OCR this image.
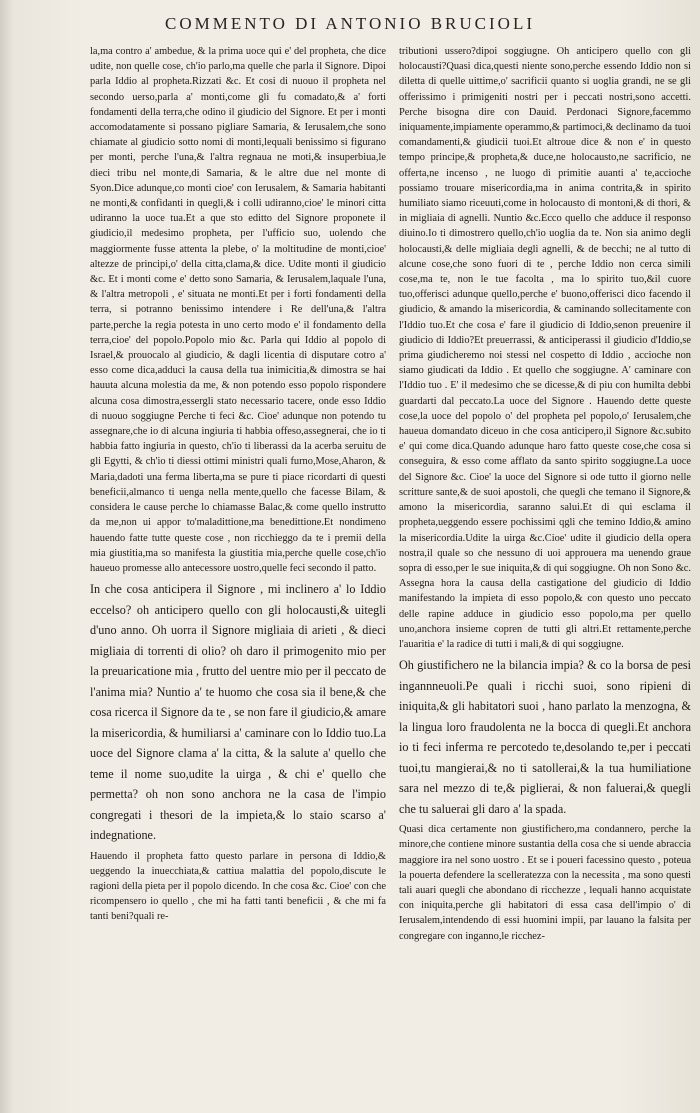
COMMENTO DI ANTONIO BRUCIOLI

la,ma contro a' ambedue, & la prima uoce qui e' del propheta, che dice udite, non quelle cose, ch'io parlo,ma quelle che parla il Signore. Dipoi parla Iddio al propheta.Rizzati &c. Et cosi di nuouo il propheta nel secondo uerso,parla a' monti,come gli fu comadato,& a' forti fondamenti della terra,che odino il giudicio del Signore. Et per i monti accomodatamente si possano pigliare Samaria, & Ierusalem,che sono chiamate al giudicio sotto nomi di monti,lequali benissimo si figurano per monti, perche l'una,& l'altra regnaua ne moti,& insuperbiua,le dieci tribu nel monte,di Samaria, & le altre due nel monte di Syon.Dice adunque,co monti cioe' con Ierusalem, & Samaria habitanti ne monti,& confidanti in quegli,& i colli udiranno,cioe' le minori citta udiranno la uoce tua.Et a que sto editto del Signore proponete il giudicio,il medesimo propheta, per l'ufficio suo, uolendo che maggiormente fusse attenta la plebe, o' la moltitudine de monti,cioe' altezze de principi,o' della citta,clama,& dice. Udite monti il giudicio &c. Et i monti come e' detto sono Samaria, & Ierusalem,laquale l'una, & l'altra metropoli , e' situata ne monti.Et per i forti fondamenti della terra, si potranno benissimo intendere i Re dell'una,& l'altra parte,perche la regia potesta in uno certo modo e' il fondamento della terra,cioe' del popolo.Popolo mio &c. Parla qui Iddio al popolo di Israel,& prouocalo al giudicio, & dagli licentia di disputare cotro a' esso come dica,adduci la causa della tua inimicitia,& dimostra se hai hauuta alcuna molestia da me, & non potendo esso popolo rispondere alcuna cosa dimostra,essergli stato necessario tacere, onde esso Iddio di nuouo soggiugne Perche ti feci &c. Cioe' adunque non potendo tu assegnare,che io di alcuna ingiuria ti habbia offeso,assegnerai, che io ti habbia fatto ingiuria in questo, ch'io ti liberassi da la acerba seruitu de gli Egytti, & ch'io ti diessi ottimi ministri quali furno,Mose,Aharon, & Maria,dadoti una ferma liberta,ma se pure ti piace ricordarti di questi beneficii,almanco ti uenga nella mente,quello che facesse Bilam, & considera le cause perche lo chiamasse Balac,& come quello instrutto da me,non ui appor to'maladittione,ma benedittione.Et nondimeno hauendo fatte tutte queste cose , non ricchieggo da te i premii della mia giustitia,ma so manifesta la giustitia mia,perche quelle cose,ch'io haueuo promesse allo antecessore uostro,quelle feci secondo il patto.

In che cosa anticipera il Signore , mi inclinero a' lo Iddio eccelso? oh anticipero quello con gli holocausti,& uitegli d'uno anno. Oh uorra il Signore migliaia di arieti , & dieci migliaia di torrenti di olio? oh daro il primogenito mio per la preuaricatione mia , frutto del uentre mio per il peccato de l'anima mia? Nuntio a' te huomo che cosa sia il bene,& che cosa ricerca il Signore da te , se non fare il giudicio,& amare la misericordia, & humiliarsi a' caminare con lo Iddio tuo.La uoce del Signore clama a' la citta, & la salute a' quello che teme il nome suo,udite la uirga , & chi e' quello che permetta? oh non sono anchora ne la casa de l'impio congregati i thesori de la impieta,& lo staio scarso a' indegnatione.

Hauendo il propheta fatto questo parlare in persona di Iddio,& ueggendo la inuecchiata,& cattiua malattia del popolo,discute le ragioni della pieta per il popolo dicendo. In che cosa &c. Cioe' con che ricompensero io quello , che mi ha fatti tanti beneficii , & che mi fa tanti beni?quali re-

tributioni ussero?dipoi soggiugne. Oh anticipero quello con gli holocausti?Quasi dica,questi niente sono,perche essendo Iddio non si diletta di quelle uittime,o' sacrificii quanto si uoglia grandi, ne se gli offerissimo i primigeniti nostri per i peccati nostri,sono accetti. Perche bisogna dire con Dauid. Perdonaci Signore,facemmo iniquamente,impiamente operammo,& partimoci,& declinamo da tuoi comandamenti,& giudicii tuoi.Et altroue dice & non e' in questo tempo principe,& propheta,& duce,ne holocausto,ne sacrificio, ne offerta,ne incenso , ne luogo di primitie auanti a' te,accioche possiamo trouare misericordia,ma in anima contrita,& in spirito humiliato siamo riceuuti,come in holocausto di montoni,& di thori, & in migliaia di agnelli. Nuntio &c.Ecco quello che adduce il responso diuino.Io ti dimostrero quello,ch'io uoglia da te. Non sia animo degli holocausti,& delle migliaia degli agnelli, & de becchi; ne al tutto di alcune cose,che sono fuori di te , perche Iddio non cerca simili cose,ma te, non le tue facolta , ma lo spirito tuo,&il cuore tuo,offerisci adunque quello,perche e' buono,offerisci dico facendo il giudicio, & amando la misericordia, & caminando sollecitamente con l'Iddio tuo.Et che cosa e' fare il giudicio di Iddio,senon preuenire il giudicio di Iddio?Et preuerrassi, & anticiperassi il giudicio d'Iddio,se prima giudicheremo noi stessi nel cospetto di Iddio , accioche non siamo giudicati da Iddio . Et quello che soggiugne. A' caminare con l'Iddio tuo . E' il medesimo che se dicesse,& di piu con humilta debbi guardarti dal peccato.La uoce del Signore . Hauendo dette queste cose,la uoce del popolo o' del propheta pel popolo,o' Ierusalem,che haueua domandato diceuo in che cosa anticipero,il Signore &c.subito e' qui come dica.Quando adunque haro fatto queste cose,che cosa si conseguira, & esso come afflato da santo spirito soggiugne.La uoce del Signore &c. Cioe' la uoce del Signore si ode tutto il giorno nelle scritture sante,& de suoi apostoli, che quegli che temano il Signore,& amono la misericordia, saranno salui.Et di qui esclama il propheta,ueggendo essere pochissimi qgli che temino Iddio,& amino la misericordia.Udite la uirga &c.Cioe' udite il giudicio della opera nostra,il quale so che nessuno di uoi approuera ma uenendo graue sopra di esso,per le sue iniquita,& di qui soggiugne. Oh non Sono &c. Assegna hora la causa della castigatione del giudicio di Iddio manifestando la impieta di esso popolo,& con questo uno peccato delle rapine adduce in giudicio esso popolo,ma per quello uno,anchora insieme copren de tutti gli altri.Et rettamente,perche l'auaritia e' la radice di tutti i mali,& di qui soggiugne.

Oh giustifichero ne la bilancia impia? & co la borsa de pesi ingannneuoli.Pe quali i ricchi suoi, sono ripieni di iniquita,& gli habitatori suoi , hano parlato la menzogna, & la lingua loro fraudolenta ne la bocca di quegli.Et anchora io ti feci inferma re percotedo te,desolando te,per i peccati tuoi,tu mangierai,& no ti satollerai,& la tua humiliatione sara nel mezzo di te,& piglierai, & non faluerai,& quegli che tu saluerai gli daro a' la spada.

Quasi dica certamente non giustifichero,ma condannero, perche la minore,che contiene minore sustantia della cosa che si uende abraccia maggiore ira nel sono uostro . Et se i poueri facessino questo , poteua la pouerta defendere la scelleratezza con la necessita , ma sono questi tali auari quegli che abondano di ricchezze , lequali hanno acquistate con iniquita,perche gli habitatori di essa casa dell'impio o' di Ierusalem,intendendo di essi huomini impii, par lauano la falsita per congregare con inganno,le ricchez-
